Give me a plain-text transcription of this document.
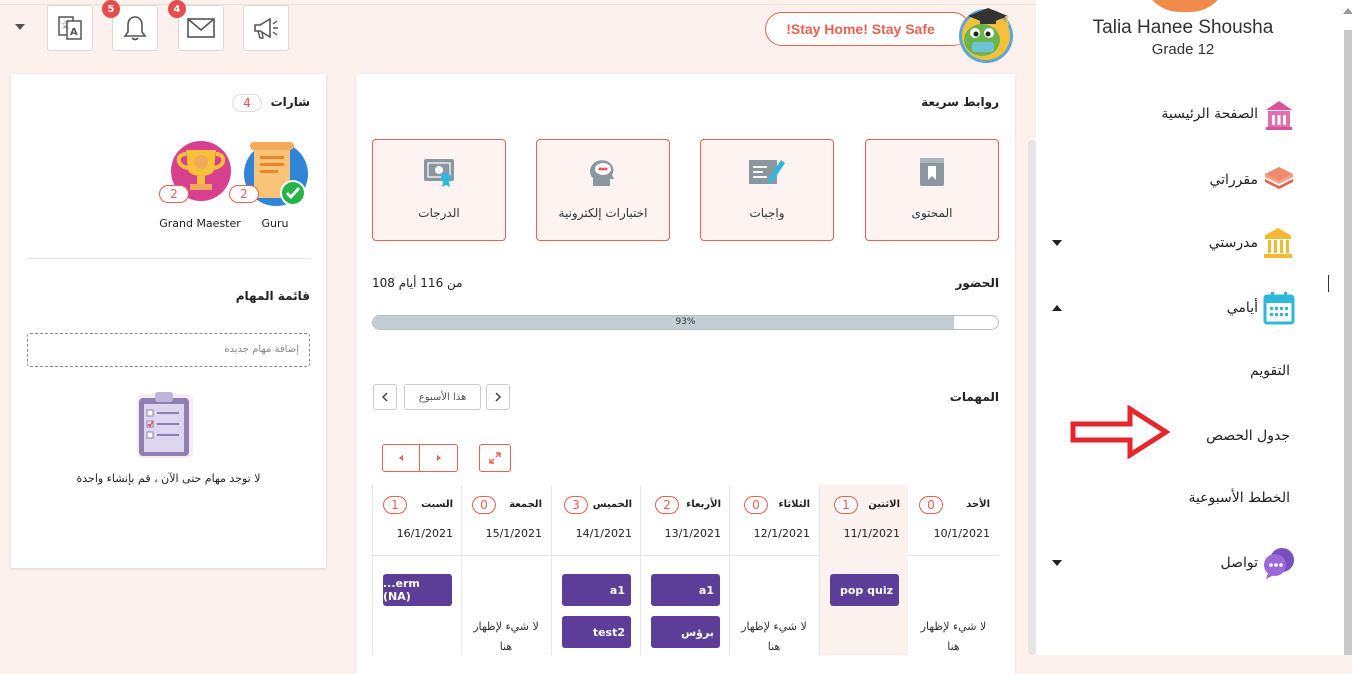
A
文
5	4
!Stay Home! Stay Safe	Talia Hanee Shousha
Grade 12
الصفحة الرئيسية
مقرراتي
مدرستي
أيامي
التقويم
جدول الحصص
الخطط الأسبوعية
تواصل
روابط سريعة
المحتوى
واجبات
اختبارات إلكترونية
الدرجات
الحضور
108 من 116 أيام
93%
المهمات
هذا الأسبوع
الأحد
0
10/1/2021
لا شيء لإظهار هنا
الاثنين
1
11/1/2021
pop quiz
الثلاثاء
0
12/1/2021
لا شيء لإظهار هنا
الأربعاء
2
13/1/2021
a1
برؤس
الخميس
3
14/1/2021
a1
test2
الجمعة
0
15/1/2021
لا شيء لإظهار هنا
السبت
1
16/1/2021
...erm (NA)
شارات
4
2
Guru
2
Grand Maester
قائمة المهام
إضافة مهام جديدة
لا توجد مهام حتى الآن ، قم بإنشاء واحدة
